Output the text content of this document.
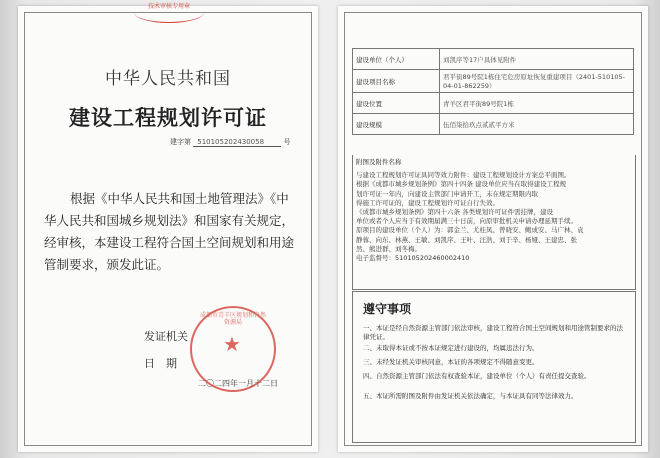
技术审核专用章
中华人民共和国
建设工程规划许可证
建字第 510105202430058	号
根据《中华人民共和国土地管理法》《中华人民共和国城乡规划法》和国家有关规定，经审核，本建设工程符合国土空间规划和用途管制要求，颁发此证。
发证机关
日　期
二〇二四年一月十二日
成都市青羊区规划和自然资源局
★
建设单位（个人）	刘凯序等17户具体见附件
建设项目名称	君平街89号院1栋住宅危房原址恢复重建项目（2401-510105-04-01-862259）
建设位置	青羊区君平街89号院1栋
建设规模	伍佰柒拾玖点贰贰平方米
附图及附件名称
与建设工程规划许可证具同等效力附件：建设工程规划设计方案总平面图。
根据《成都市城乡规划条例》第四十四条 建设单位应当在取得建设工程规
划许可证一年内，向建设主管部门申请开工，未在规定期限内取
得施工许可证的，建设工程规划许可证自行失效。
《成都市城乡规划条例》第四十六条 各类规划许可证件需挂牌，建设
单位或者个人应当于有效期届满三十日前，向原审批机关申请办理延期手续。
原项目的建设单位（个人）为：郭金兰、尤桂凤、曾晓安、鲍成安、马广林、袁
静蓉、向东、林燕、王敏、刘凯序、王叶、汪浩、刘于辛、杨娅、王建忠、张
然、熊进群、刘冬梅。
电子监督号：510105202460002410
遵守事项
一、本证是经自然资源主管部门依法审核，建设工程符合国土空间规划和用途管制要求的法律凭证。
二、未取得本证或不按本证规定进行建设的，均属违法行为。
三、未经发证机关审核同意，本证的各项规定不得随意变更。
四、自然资源主管部门依法有权查验本证，建设单位（个人）有责任提交查验。
五、本证所需附图及附件由发证机关依法确定，与本证具有同等法律效力。
